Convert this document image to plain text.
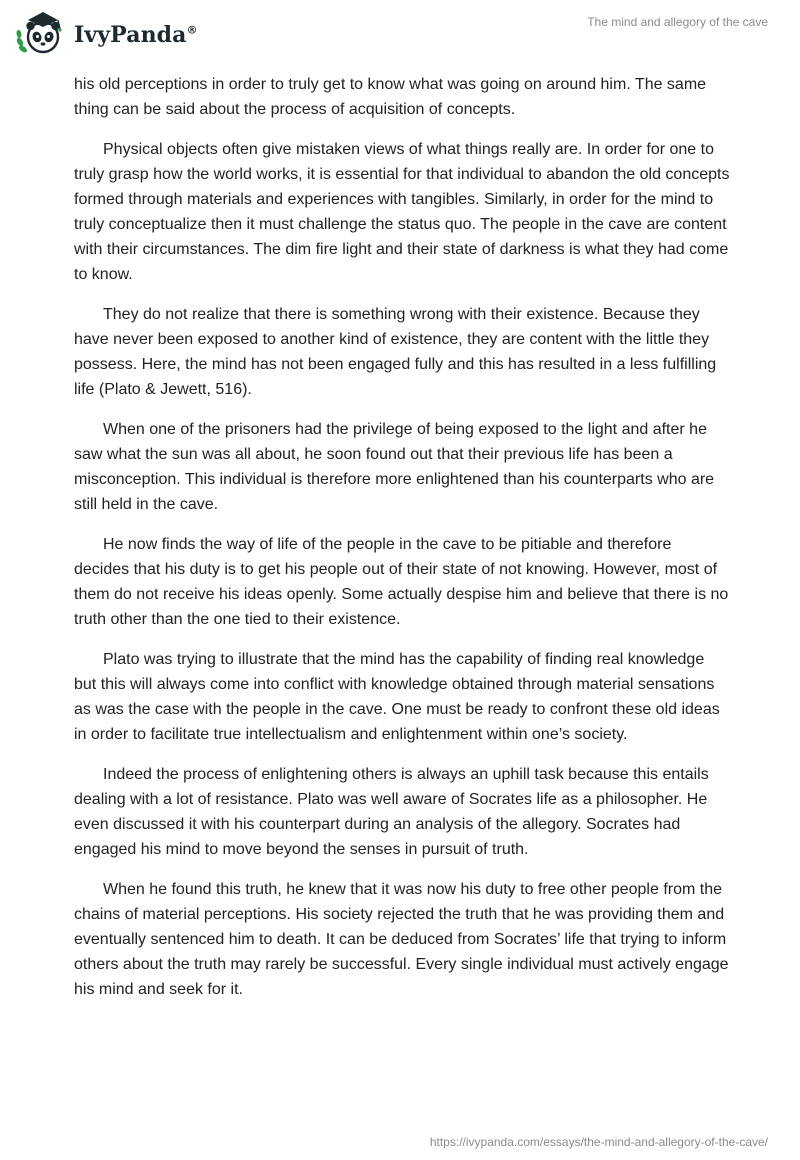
IvyPanda®
The mind and allegory of the cave

his old perceptions in order to truly get to know what was going on around him. The same thing can be said about the process of acquisition of concepts.

Physical objects often give mistaken views of what things really are. In order for one to truly grasp how the world works, it is essential for that individual to abandon the old concepts formed through materials and experiences with tangibles. Similarly, in order for the mind to truly conceptualize then it must challenge the status quo. The people in the cave are content with their circumstances. The dim fire light and their state of darkness is what they had come to know.

They do not realize that there is something wrong with their existence. Because they have never been exposed to another kind of existence, they are content with the little they possess. Here, the mind has not been engaged fully and this has resulted in a less fulfilling life (Plato & Jewett, 516).

When one of the prisoners had the privilege of being exposed to the light and after he saw what the sun was all about, he soon found out that their previous life has been a misconception. This individual is therefore more enlightened than his counterparts who are still held in the cave.

He now finds the way of life of the people in the cave to be pitiable and therefore decides that his duty is to get his people out of their state of not knowing. However, most of them do not receive his ideas openly. Some actually despise him and believe that there is no truth other than the one tied to their existence.

Plato was trying to illustrate that the mind has the capability of finding real knowledge but this will always come into conflict with knowledge obtained through material sensations as was the case with the people in the cave. One must be ready to confront these old ideas in order to facilitate true intellectualism and enlightenment within one’s society.

Indeed the process of enlightening others is always an uphill task because this entails dealing with a lot of resistance. Plato was well aware of Socrates life as a philosopher. He even discussed it with his counterpart during an analysis of the allegory. Socrates had engaged his mind to move beyond the senses in pursuit of truth.

When he found this truth, he knew that it was now his duty to free other people from the chains of material perceptions. His society rejected the truth that he was providing them and eventually sentenced him to death. It can be deduced from Socrates’ life that trying to inform others about the truth may rarely be successful. Every single individual must actively engage his mind and seek for it.

https://ivypanda.com/essays/the-mind-and-allegory-of-the-cave/
